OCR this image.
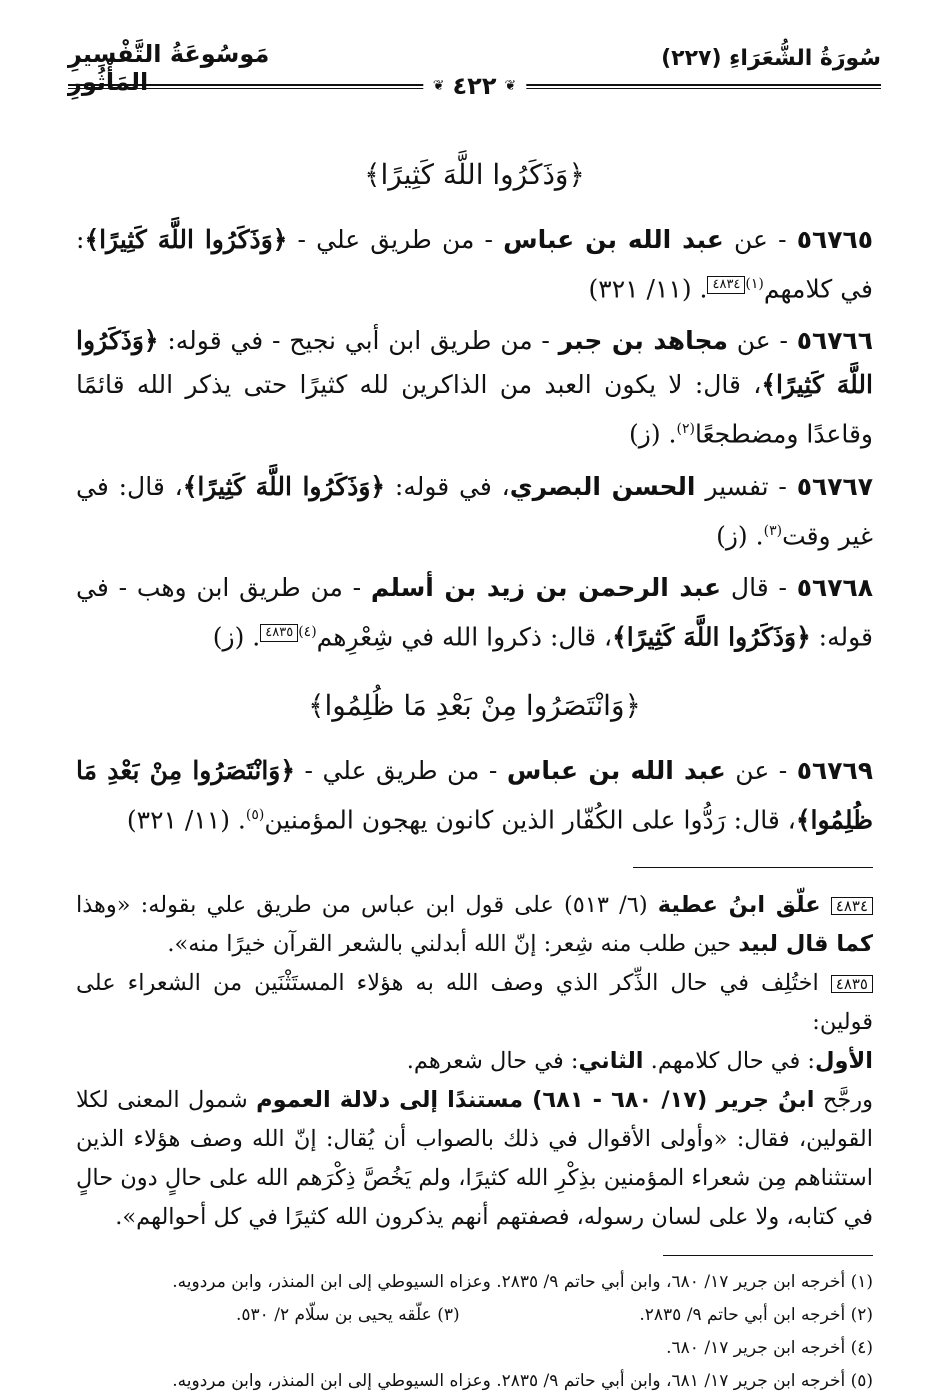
سُورَةُ الشُّعَرَاءِ (٢٢٧)
مَوسُوعَةُ التَّفْسِيرِ المَأْثُورِ	❦
٤٢٢
❦
﴿وَذَكَرُوا اللَّهَ كَثِيرًا﴾
٥٦٧٦٥ - عن عبد الله بن عباس - من طريق علي - ﴿وَذَكَرُوا اللَّهَ كَثِيرًا﴾: في كلامهم$^{(١)}$٤٨٣٤. (١١/ ٣٢١)
٥٦٧٦٦ - عن مجاهد بن جبر - من طريق ابن أبي نجيح - في قوله: ﴿وَذَكَرُوا اللَّهَ كَثِيرًا﴾، قال: لا يكون العبد من الذاكرين لله كثيرًا حتى يذكر الله قائمًا وقاعدًا ومضطجعًا$^{(٢)}$. (ز)
٥٦٧٦٧ - تفسير الحسن البصري، في قوله: ﴿وَذَكَرُوا اللَّهَ كَثِيرًا﴾، قال: في غير وقت$^{(٣)}$. (ز)
٥٦٧٦٨ - قال عبد الرحمن بن زيد بن أسلم - من طريق ابن وهب - في قوله: ﴿وَذَكَرُوا اللَّهَ كَثِيرًا﴾، قال: ذكروا الله في شِعْرِهم$^{(٤)}$٤٨٣٥. (ز)
﴿وَانْتَصَرُوا مِنْ بَعْدِ مَا ظُلِمُوا﴾
٥٦٧٦٩ - عن عبد الله بن عباس - من طريق علي - ﴿وَانْتَصَرُوا مِنْ بَعْدِ مَا ظُلِمُوا﴾، قال: رَدُّوا على الكُفّار الذين كانون يهجون المؤمنين$^{(٥)}$. (١١/ ٣٢١)

٤٨٣٤ علّق ابنُ عطية (٦/ ٥١٣) على قول ابن عباس من طريق علي بقوله: «وهذا كما قال لبيد حين طلب منه شِعر: إنّ الله أبدلني بالشعر القرآن خيرًا منه».

٤٨٣٥ اختُلِف في حال الذِّكر الذي وصف الله به هؤلاء المستَثْنَين من الشعراء على قولين:

الأول: في حال كلامهم. الثاني: في حال شعرهم.

ورجَّح ابنُ جرير (١٧/ ٦٨٠ - ٦٨١) مستندًا إلى دلالة العموم شمول المعنى لكلا القولين، فقال: «وأولى الأقوال في ذلك بالصواب أن يُقال: إنّ الله وصف هؤلاء الذين استثناهم مِن شعراء المؤمنين بذِكْرِ الله كثيرًا، ولم يَخُصَّ ذِكْرَهم الله على حالٍ دون حالٍ في كتابه، ولا على لسان رسوله، فصفتهم أنهم يذكرون الله كثيرًا في كل أحوالهم».

(١) أخرجه ابن جرير ١٧/ ٦٨٠، وابن أبي حاتم ٩/ ٢٨٣٥. وعزاه السيوطي إلى ابن المنذر، وابن مردويه.

(٢) أخرجه ابن أبي حاتم ٩/ ٢٨٣٥.
(٣) علّقه يحيى بن سلّام ٢/ ٥٣٠.

(٤) أخرجه ابن جرير ١٧/ ٦٨٠.

(٥) أخرجه ابن جرير ١٧/ ٦٨١، وابن أبي حاتم ٩/ ٢٨٣٥. وعزاه السيوطي إلى ابن المنذر، وابن مردويه.
